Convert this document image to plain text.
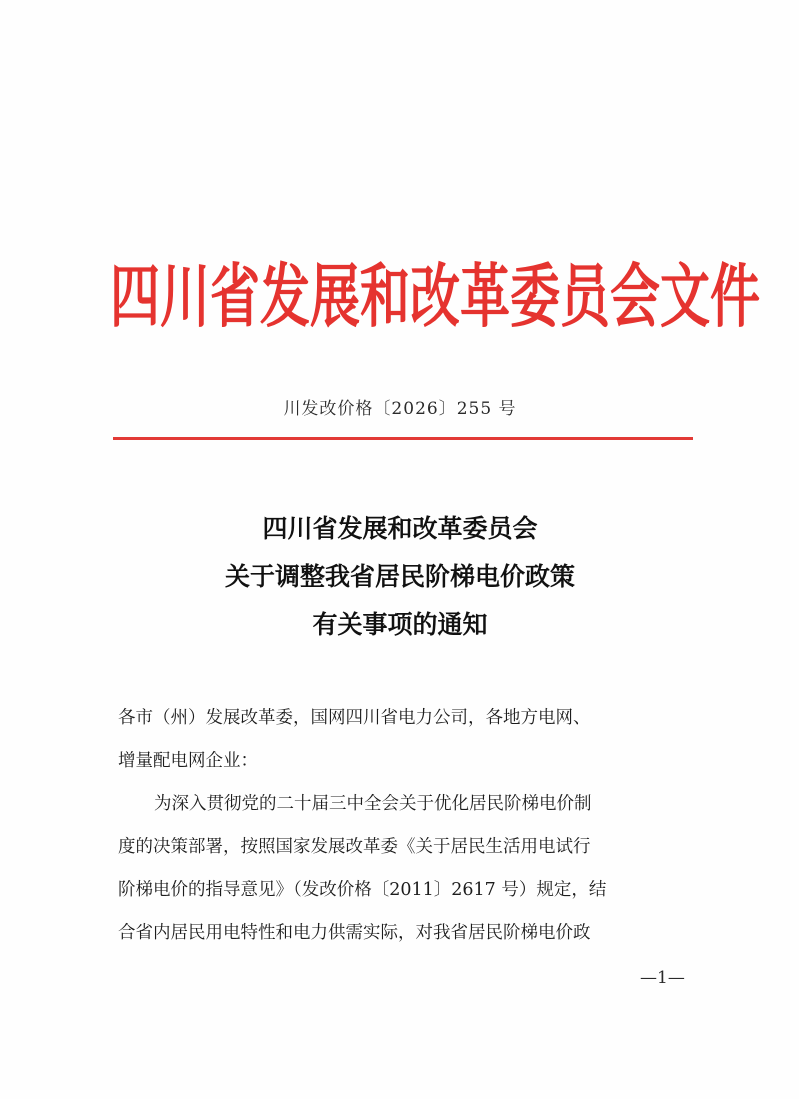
四川省发展和改革委员会文件
川发改价格〔2026〕255 号
四川省发展和改革委员会
关于调整我省居民阶梯电价政策
有关事项的通知

各市（州）发展改革委，国网四川省电力公司，各地方电网、

增量配电网企业：

为深入贯彻党的二十届三中全会关于优化居民阶梯电价制

度的决策部署，按照国家发展改革委《关于居民生活用电试行

阶梯电价的指导意见》（发改价格〔2011〕2617 号）规定，结

合省内居民用电特性和电力供需实际，对我省居民阶梯电价政

—1—
